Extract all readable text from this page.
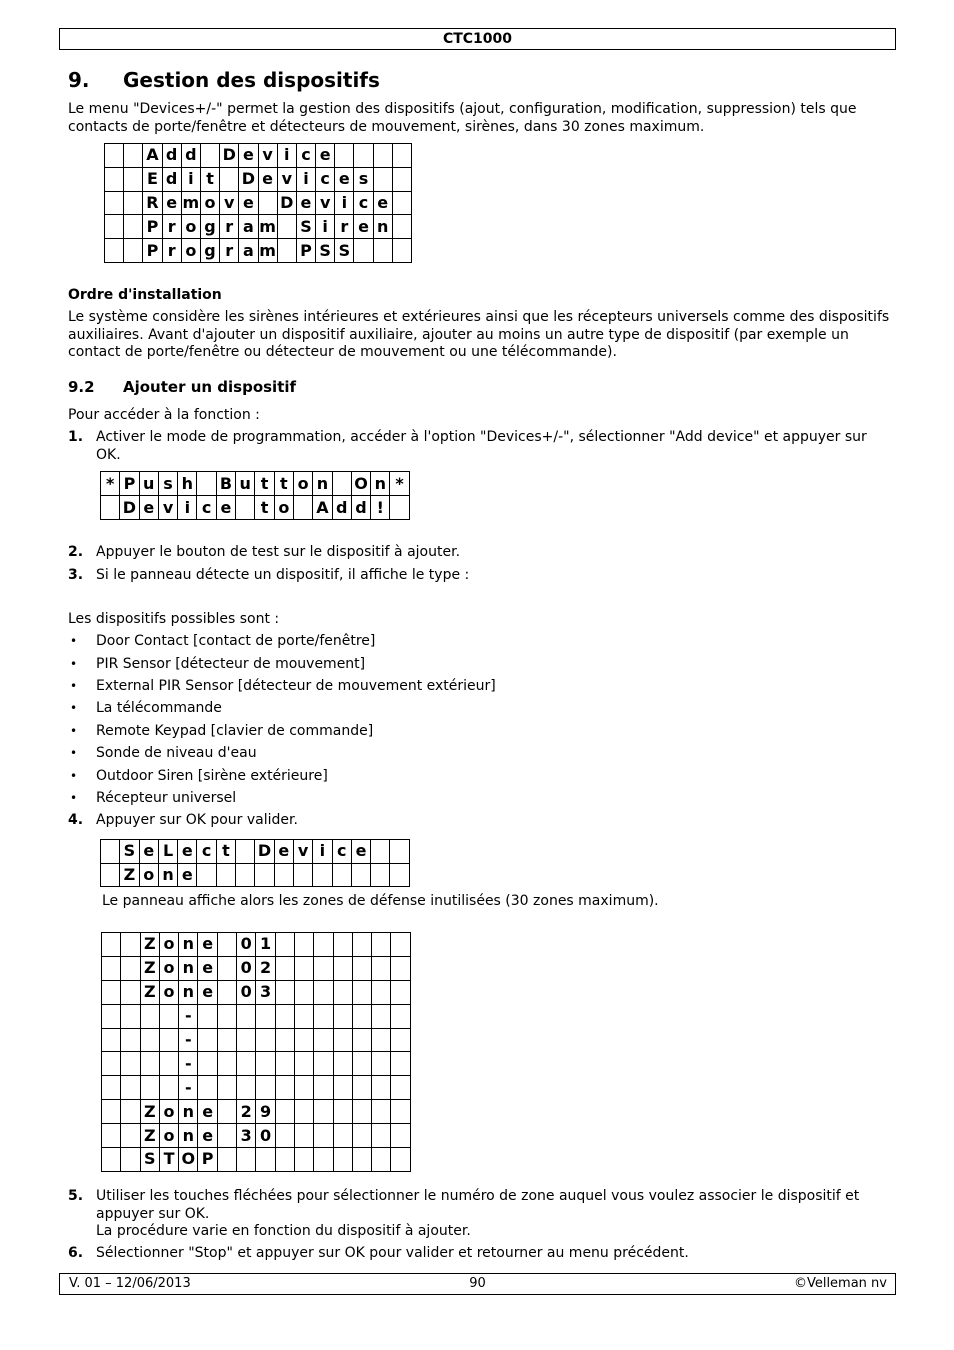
CTC1000
9. Gestion des dispositifs
Le menu "Devices+/-" permet la gestion des dispositifs (ajout, configuration, modification, suppression) tels que contacts de porte/fenêtre et détecteurs de mouvement, sirènes, dans 30 zones maximum.
		A	d	d		D	e	v	i	c	e				
		E	d	i	t		D	e	v	i	c	e	s		
		R	e	m	o	v	e		D	e	v	i	c	e	
		P	r	o	g	r	a	m		S	i	r	e	n	
		P	r	o	g	r	a	m		P	S	S			
Ordre d'installation
Le système considère les sirènes intérieures et extérieures ainsi que les récepteurs universels comme des dispositifs auxiliaires. Avant d'ajouter un dispositif auxiliaire, ajouter au moins un autre type de dispositif (par exemple un contact de porte/fenêtre ou détecteur de mouvement ou une télécommande).
9.2 Ajouter un dispositif
Pour accéder à la fonction :
1. Activer le mode de programmation, accéder à l'option "Devices+/-", sélectionner "Add device" et appuyer sur OK.
*	P	u	s	h		B	u	t	t	o	n		O	n	*
	D	e	v	i	c	e		t	o		A	d	d	!	
2. Appuyer le bouton de test sur le dispositif à ajouter.
3. Si le panneau détecte un dispositif, il affiche le type :
Les dispositifs possibles sont :
• Door Contact [contact de porte/fenêtre]
• PIR Sensor [détecteur de mouvement]
• External PIR Sensor [détecteur de mouvement extérieur]
• La télécommande
• Remote Keypad [clavier de commande]
• Sonde de niveau d'eau
• Outdoor Siren [sirène extérieure]
• Récepteur universel
4. Appuyer sur OK pour valider.
	S	e	L	e	c	t		D	e	v	i	c	e		
	Z	o	n	e											
Le panneau affiche alors les zones de défense inutilisées (30 zones maximum).
		Z	o	n	e		0	1							
		Z	o	n	e		0	2							
		Z	o	n	e		0	3							
				-											
				-											
				-											
				-											
		Z	o	n	e		2	9							
		Z	o	n	e		3	0							
		S	T	O	P										
5. Utiliser les touches fléchées pour sélectionner le numéro de zone auquel vous voulez associer le dispositif et appuyer sur OK.
La procédure varie en fonction du dispositif à ajouter.
6. Sélectionner "Stop" et appuyer sur OK pour valider et retourner au menu précédent.
V. 01 – 12/06/2013	90	©Velleman nv
